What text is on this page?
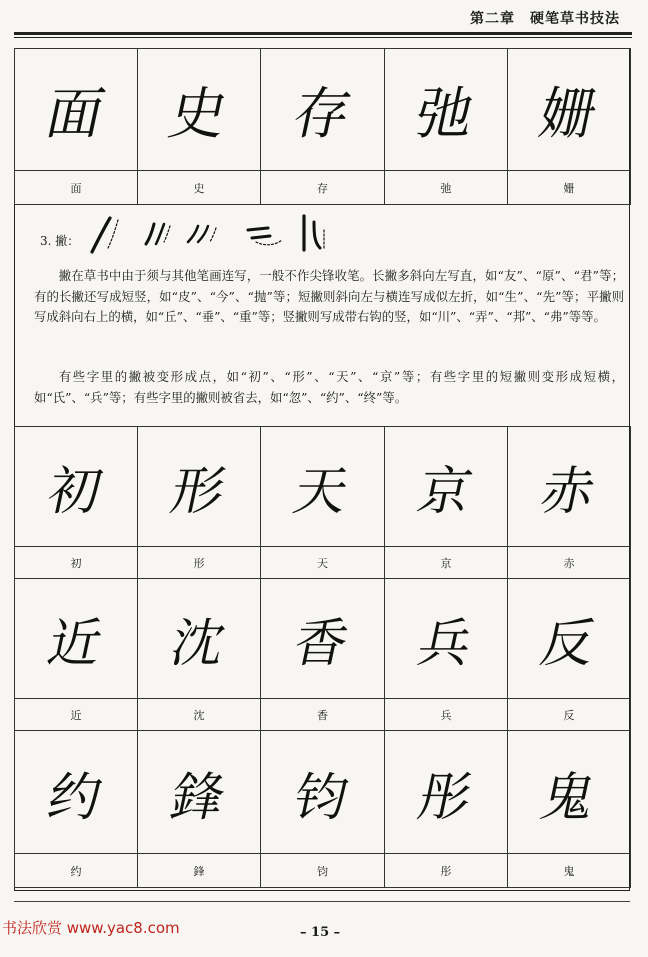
第二章　硬笔草书技法
面	史	存	弛	姗
面	史	存	弛	姗
3. 撇：

撇在草书中由于须与其他笔画连写，一般不作尖锋收笔。长撇多斜向左写直，如“友”、“原”、“君”等；有的长撇还写成短竖，如“皮”、“今”、“抛”等；短撇则斜向左与横连写成似左折，如“生”、“先”等；平撇则写成斜向右上的横，如“丘”、“垂”、“重”等；竖撇则写成带右钩的竖，如“川”、“弄”、“邦”、“弗”等等。

有些字里的撇被变形成点，如“初”、“形”、“天”、“京”等；有些字里的短撇则变形成短横，如“氏”、“兵”等；有些字里的撇则被省去，如“忽”、“约”、“终”等。

初	形	天	京	赤
初	形	天	京	赤
近	沈	香	兵	反
近	沈	香	兵	反
约	鋒	钧	彤	鬼
约	鋒	钧	彤	鬼
书法欣赏 www.yac8.com	– 15 –
